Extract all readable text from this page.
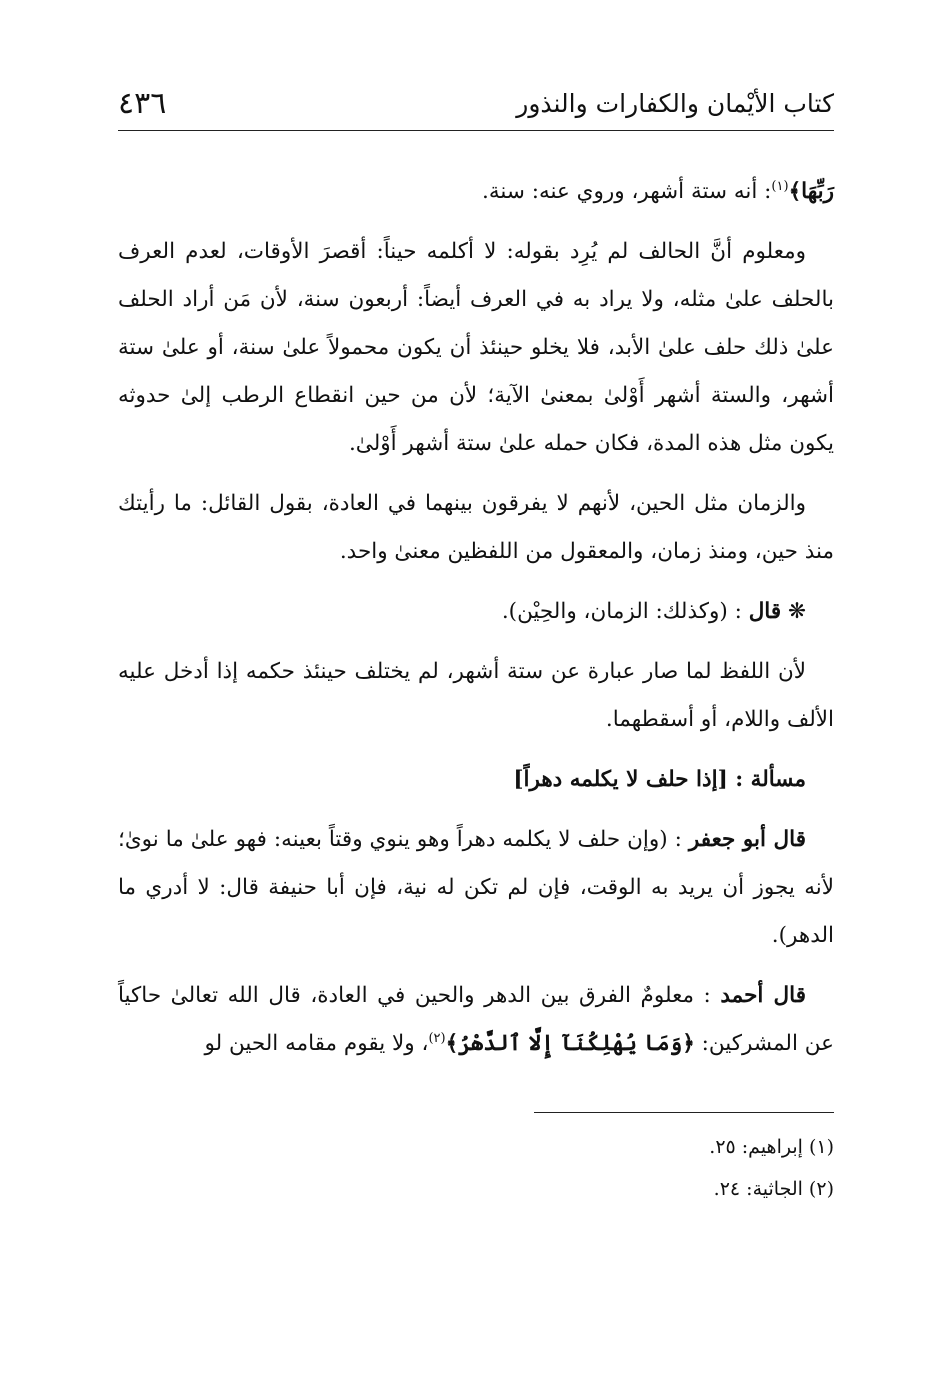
كتاب الأيْمان والكفارات والنذور
٤٣٦

رَبِّهَا﴾$^{(١)}$: أنه ستة أشهر، وروي عنه: سنة.

ومعلوم أنَّ الحالف لم يُرِد بقوله: لا أكلمه حيناً: أقصرَ الأوقات، لعدم العرف بالحلف علىٰ مثله، ولا يراد به في العرف أيضاً: أربعون سنة، لأن مَن أراد الحلف علىٰ ذلك حلف علىٰ الأبد، فلا يخلو حينئذ أن يكون محمولاً علىٰ سنة، أو علىٰ ستة أشهر، والستة أشهر أَوْلىٰ بمعنىٰ الآية؛ لأن من حين انقطاع الرطب إلىٰ حدوثه يكون مثل هذه المدة، فكان حمله علىٰ ستة أشهر أَوْلىٰ.

والزمان مثل الحين، لأنهم لا يفرقون بينهما في العادة، بقول القائل: ما رأيتك منذ حين، ومنذ زمان، والمعقول من اللفظين معنىٰ واحد.

❋ قال : (وكذلك: الزمان، والحِيْن).

لأن اللفظ لما صار عبارة عن ستة أشهر، لم يختلف حينئذ حكمه إذا أدخل عليه الألف واللام، أو أسقطهما.

مسألة : [إذا حلف لا يكلمه دهراً]

قال أبو جعفر : (وإن حلف لا يكلمه دهراً وهو ينوي وقتاً بعينه: فهو علىٰ ما نوىٰ؛ لأنه يجوز أن يريد به الوقت، فإن لم تكن له نية، فإن أبا حنيفة قال: لا أدري ما الدهر).

قال أحمد : معلومٌ الفرق بين الدهر والحين في العادة، قال الله تعالىٰ حاكياً عن المشركين: ﴿وَمَا يُهْلِكُنَآ إِلَّا ٱلدَّهْرُ﴾$^{(٢)}$، ولا يقوم مقامه الحين لو

(١) إبراهيم: ٢٥.
(٢) الجاثية: ٢٤.
